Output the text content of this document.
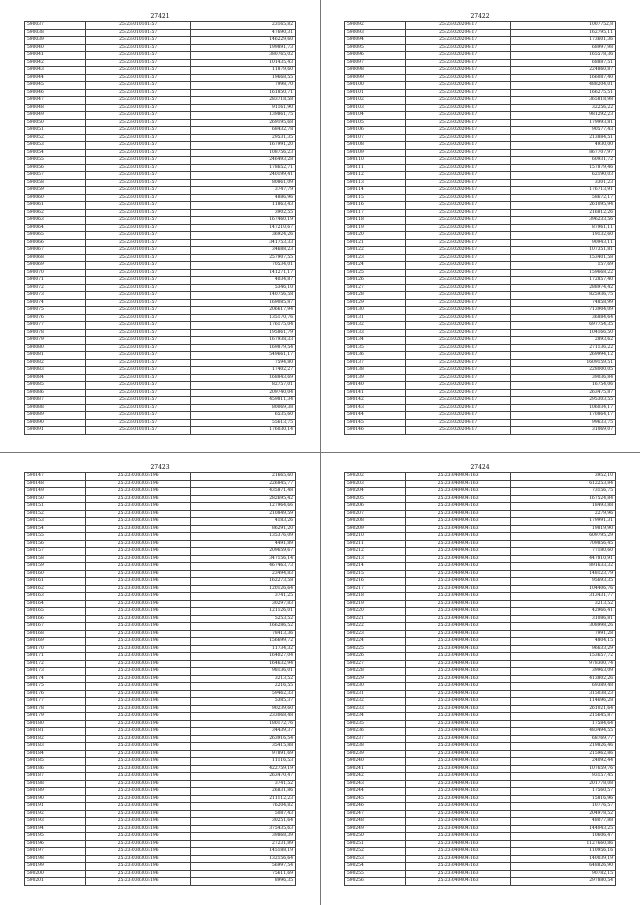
27421
590037	25:23:010101:57	23165,82
590038	25:23:010101:57	47690,31
590039	25:23:010101:57	146229,60
590040	25:23:010101:57	199891,73
590041	25:23:010101:57	380765,02
590042	25:23:010101:57	101435,43
590043	25:23:010101:57	11879,60
590044	25:23:010101:57	19668,55
590045	25:23:010101:57	7998,70
590046	25:23:010101:57	161850,71
590047	25:23:010101:57	283718,58
590048	25:23:010101:57	91161,90
590049	25:23:010101:57	139861,75
590050	25:23:010101:57	269195,68
590051	25:23:010101:57	68432,78
590052	25:23:010101:57	29531,35
590053	25:23:010101:57	167991,20
590054	25:23:010101:57	108756,23
590055	25:23:010101:57	246493,28
590056	25:23:010101:57	178652,71
590057	25:23:010101:57	240199,41
590058	25:23:010101:57	80861,09
590059	25:23:010101:57	3747,79
590060	25:23:010101:57	4886,96
590061	25:23:010101:57	11863,43
590062	25:23:010101:57	3902,55
590063	25:23:010101:57	167460,19
590064	25:23:010101:57	147210,67
590065	25:23:010101:57	36924,26
590066	25:23:010101:57	341753,33
590067	25:23:010101:57	34688,23
590068	25:23:010101:57	257907,55
590069	25:23:010101:57	70534,01
590070	25:23:010101:57	141271,17
590071	25:23:010101:57	4034,87
590072	25:23:010101:57	5346,10
590073	25:23:010101:57	140756,58
590074	25:23:010101:57	169085,87
590075	25:23:010101:57	206617,94
590076	25:23:010101:57	135170,76
590077	25:23:010101:57	176175,04
590078	25:23:010101:57	195861,79
590079	25:23:010101:57	167938,33
590080	25:23:010101:57	169879,54
590081	25:23:010101:57	549661,17
590082	25:23:010101:57	7594,80
590083	25:23:010101:57	17402,27
590084	25:23:010101:57	168843,69
590085	25:23:010101:57	82757,01
590086	25:23:010101:57	209740,04
590087	25:23:010101:57	459811,34
590088	25:23:010101:57	80069,38
590089	25:23:010101:57	6535,60
590090	25:23:010101:57	55613,75
590091	25:23:010101:57	176030,14
27422
590092	25:23:020204:17	1007752,8
590093	25:23:020204:17	162795,11
590094	25:23:020204:17	173601,36
590095	25:23:020204:17	68997,98
590096	25:23:020204:17	165578,36
590097	25:23:020204:17	68887,51
590098	25:23:020204:17	224860,87
590099	25:23:020204:17	166087,40
590100	25:23:020204:17	488204,01
590101	25:23:020204:17	166275,51
590102	25:23:020204:17	365818,98
590103	25:23:020204:17	32256,22
590104	25:23:020204:17	981292,23
590105	25:23:020204:17	179993,81
590106	25:23:020204:17	90577,43
590107	25:23:020204:17	213884,51
590108	25:23:020204:17	4930,00
590109	25:23:020204:17	867707,97
590110	25:23:020204:17	60931,72
590111	25:23:020204:17	157879,46
590112	25:23:020204:17	62190,03
590113	25:23:020204:17	3301,23
590114	25:23:020204:17	176713,91
590115	25:23:020204:17	58672,17
590116	25:23:020204:17	261095,94
590117	25:23:020204:17	216812,26
590118	25:23:020204:17	396233,56
590119	25:23:020204:17	87961,11
590120	25:23:020204:17	19132,60
590121	25:23:020204:17	90943,11
590122	25:23:020204:17	107351,81
590123	25:23:020204:17	153401,58
590124	25:23:020204:17	157,69
590125	25:23:020204:17	159668,22
590126	25:23:020204:17	172857,40
590127	25:23:020204:17	288974,42
590128	25:23:020204:17	825936,75
590129	25:23:020204:17	74858,99
590130	25:23:020204:17	713904,09
590131	25:23:020204:17	36884,64
590132	25:23:020204:17	697754,35
590133	25:23:020204:17	104166,50
590134	25:23:020204:17	2893,62
590135	25:23:020204:17	271136,22
590136	25:23:020204:17	269994,12
590137	25:23:020204:17	1609159,51
590138	25:23:020204:17	228000,05
590139	25:23:020204:17	39036,84
590140	25:23:020204:17	16754,06
590141	25:23:020204:17	263475,87
590142	25:23:020204:17	295303,55
590143	25:23:020204:17	106034,17
590144	25:23:020204:17	170864,17
590145	25:23:020204:17	99633,75
590146	25:23:020204:17	31069,07
27423
590147	25:23:030303:196	21665,60
590148	25:23:030303:196	226845,77
590149	25:23:030303:196	435871,48
590150	25:23:030303:196	282695,42
590151	25:23:030303:196	127964,66
590152	25:23:030303:196	210849,59
590153	25:23:030303:196	4183,26
590154	25:23:030303:196	86291,20
590155	25:23:030303:196	135376,09
590156	25:23:030303:196	4491,89
590157	25:23:030303:196	209659,67
590158	25:23:030303:196	347156,14
590159	25:23:030303:196	467463,73
590160	25:23:030303:196	23494,83
590161	25:23:030303:196	162273,58
590162	25:23:030303:196	120126,64
590163	25:23:030303:196	3741,25
590164	25:23:030303:196	30297,83
590165	25:23:030303:196	121126,01
590166	25:23:030303:196	5253,52
590167	25:23:030303:196	166286,52
590168	25:23:030303:196	78413,36
590169	25:23:030303:196	156699,72
590170	25:23:030303:196	11734,32
590171	25:23:030303:196	164027,04
590172	25:23:030303:196	164632,94
590173	25:23:030303:196	98136,01
590174	25:23:030303:196	3213,52
590175	25:23:030303:196	2216,55
590176	25:23:030303:196	59462,33
590177	25:23:030303:196	5385,37
590178	25:23:030303:196	90239,60
590179	25:23:030303:196	233068,48
590180	25:23:030303:196	180172,76
590181	25:23:030303:196	34439,37
590182	25:23:030303:196	263916,54
590183	25:23:030303:196	35415,88
590184	25:23:030303:196	97891,69
590185	25:23:030303:196	11116,53
590186	25:23:030303:196	422759,19
590187	25:23:030303:196	263470,47
590188	25:23:030303:196	3741,52
590189	25:23:030303:196	26831,86
590190	25:23:030303:196	211112,23
590191	25:23:030303:196	76204,82
590192	25:23:030303:196	5087,43
590193	25:23:030303:196	30251,64
590194	25:23:030303:196	375435,63
590195	25:23:030303:196	39868,39
590196	25:23:030303:196	27231,89
590197	25:23:030303:196	145188,19
590198	25:23:030303:196	132156,64
590199	25:23:030303:196	56997,54
590200	25:23:030303:196	75611,69
590201	25:23:030303:196	8996,35
27424
590202	25:23:040404:163	3952,10
590203	25:23:040404:163	612253,84
590204	25:23:040404:163	73156,75
590205	25:23:040404:163	167524,84
590206	25:23:040404:163	18493,88
590207	25:23:040404:163	2279,96
590208	25:23:040404:163	179991,31
590209	25:23:040404:163	19819,90
590210	25:23:040404:163	609795,29
590211	25:23:040404:163	709856,45
590212	25:23:040404:163	77180,60
590213	25:23:040404:163	447810,91
590214	25:23:040404:163	891633,32
590215	25:23:040404:163	148123,79
590216	25:23:040404:163	95693,35
590217	25:23:040404:163	104406,76
590218	25:23:040404:163	313431,77
590219	25:23:040404:163	3213,52
590220	25:23:040404:163	42966,41
590221	25:23:040404:163	31086,81
590222	25:23:040404:163	308998,26
590223	25:23:040404:163	7991,28
590224	25:23:040404:163	4804,15
590225	25:23:040404:163	96633,29
590226	25:23:040404:163	153657,72
590227	25:23:040404:163	978300,74
590228	25:23:040404:163	39963,09
590229	25:23:040404:163	413802,26
590230	25:23:040404:163	69389,48
590231	25:23:040404:163	315038,23
590232	25:23:040404:163	114696,28
590233	25:23:040404:163	261021,64
590234	25:23:040404:163	215645,87
590235	25:23:040404:163	17584,64
590236	25:23:040404:163	483494,55
590237	25:23:040404:163	68769,77
590238	25:23:040404:163	219826,46
590239	25:23:040404:163	215962,86
590240	25:23:040404:163	24092,44
590241	25:23:040404:163	107659,76
590242	25:23:040404:163	93157,45
590243	25:23:040404:163	201778,08
590244	25:23:040404:163	17560,57
590245	25:23:040404:163	15816,96
590246	25:23:040404:163	10776,57
590247	25:23:040404:163	204978,52
590248	25:23:040404:163	48077,88
590249	25:23:040404:163	144043,25
590250	25:23:040404:163	10606,47
590251	25:23:040404:163	1127660,86
590252	25:23:040404:163	110956,16
590253	25:23:040404:163	140039,19
590254	25:23:040404:163	648826,90
590255	25:23:040404:163	90782,15
590256	25:23:040404:163	297880,54
